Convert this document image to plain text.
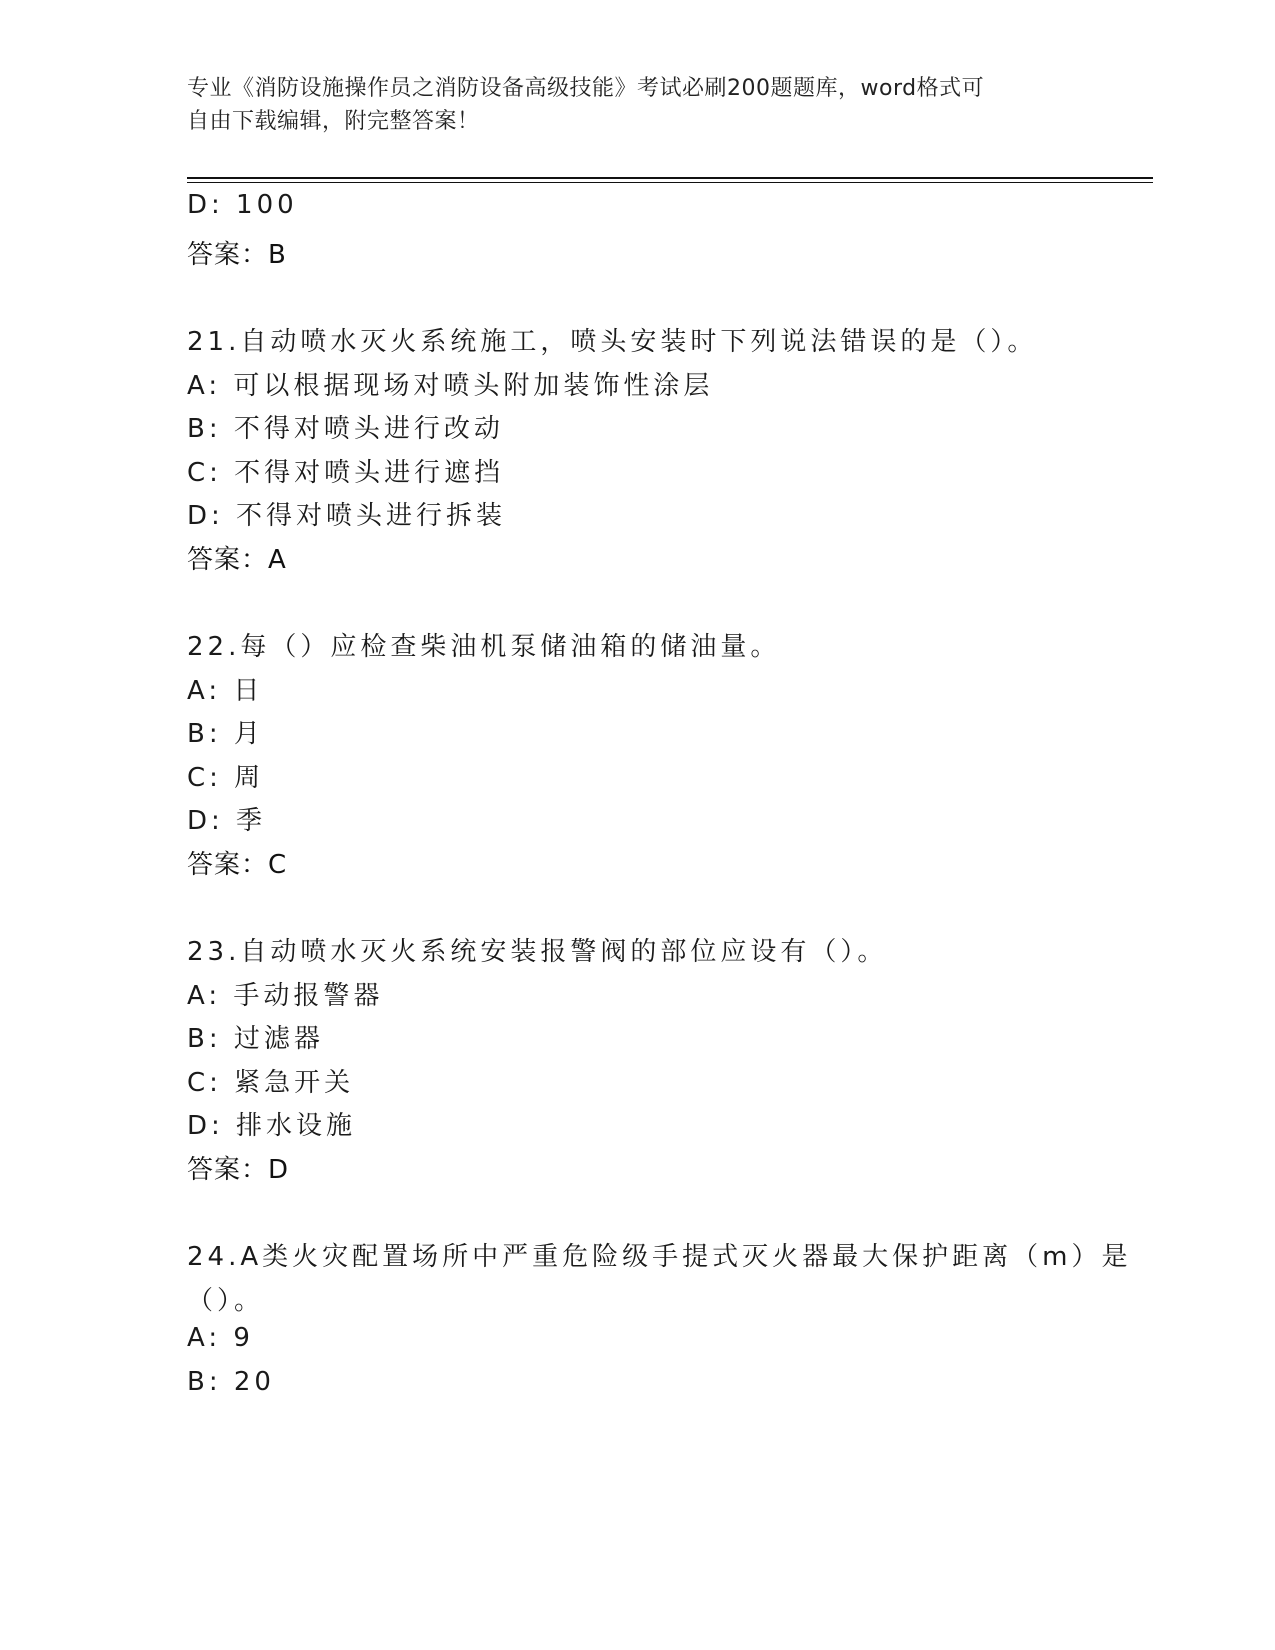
专业《消防设施操作员之消防设备高级技能》考试必刷200题题库，word格式可
自由下载编辑，附完整答案！
D: 100
答案：B
21.自动喷水灭火系统施工，喷头安装时下列说法错误的是（）。
A: 可以根据现场对喷头附加装饰性涂层
B: 不得对喷头进行改动
C: 不得对喷头进行遮挡
D: 不得对喷头进行拆装
答案：A
22.每（）应检查柴油机泵储油箱的储油量。
A: 日
B: 月
C: 周
D: 季
答案：C
23.自动喷水灭火系统安装报警阀的部位应设有（）。
A: 手动报警器
B: 过滤器
C: 紧急开关
D: 排水设施
答案：D
24.A类火灾配置场所中严重危险级手提式灭火器最大保护距离（m）是
（）。
A: 9
B: 20
